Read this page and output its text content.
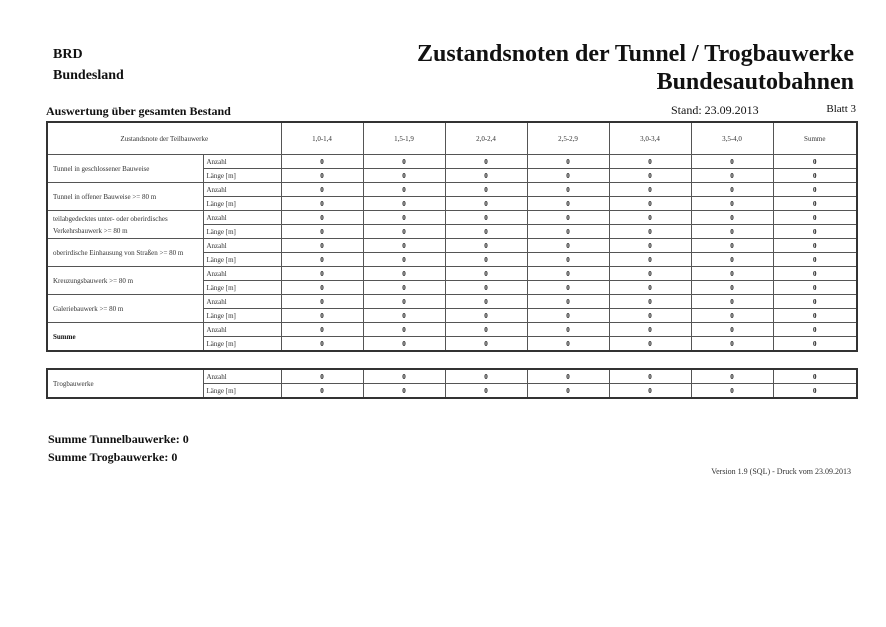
BRD
Bundesland
Zustandsnoten der Tunnel / Trogbauwerke
Bundesautobahnen
Auswertung über gesamten Bestand	Stand: 23.09.2013	Blatt 3
Zustandsnote der Teilbauwerke		1,0-1,4	1,5-1,9	2,0-2,4	2,5-2,9	3,0-3,4	3,5-4,0	Summe
Tunnel in geschlossener Bauweise	Anzahl	0	0	0	0	0	0	0
	Länge [m]	0	0	0	0	0	0	0
Tunnel in offener Bauweise >= 80 m	Anzahl	0	0	0	0	0	0	0
	Länge [m]	0	0	0	0	0	0	0
teilabgedecktes unter- oder oberirdisches Verkehrsbauwerk >= 80 m	Anzahl	0	0	0	0	0	0	0
	Länge [m]	0	0	0	0	0	0	0
oberirdische Einhausung von Straßen >= 80 m	Anzahl	0	0	0	0	0	0	0
	Länge [m]	0	0	0	0	0	0	0
Kreuzungsbauwerk >= 80 m	Anzahl	0	0	0	0	0	0	0
	Länge [m]	0	0	0	0	0	0	0
Galeriebauwerk >= 80 m	Anzahl	0	0	0	0	0	0	0
	Länge [m]	0	0	0	0	0	0	0
Summe	Anzahl	0	0	0	0	0	0	0
	Länge [m]	0	0	0	0	0	0	0
Trogbauwerke	Anzahl	0	0	0	0	0	0	0
	Länge [m]	0	0	0	0	0	0	0
Summe Tunnelbauwerke: 0
Summe Trogbauwerke: 0
Version 1.9 (SQL) - Druck vom 23.09.2013
